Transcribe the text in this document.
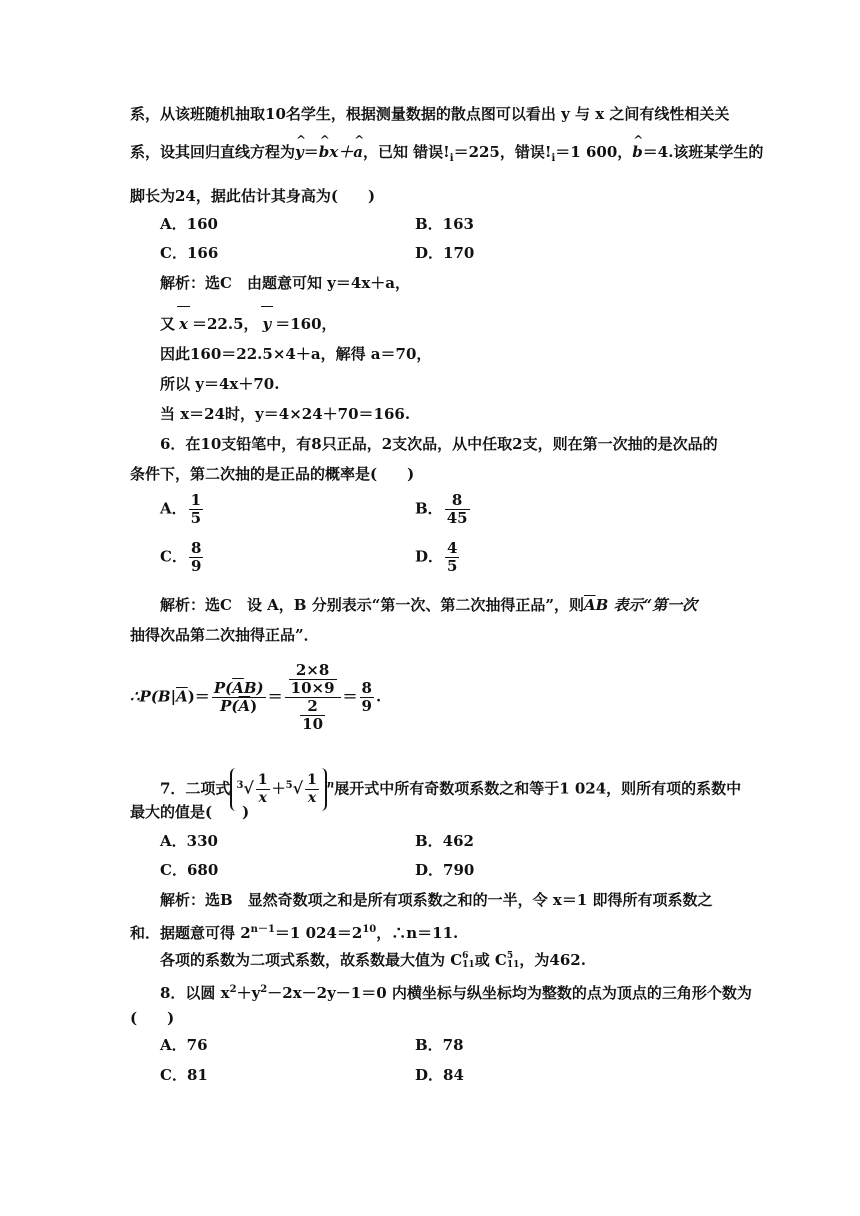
系，从该班随机抽取10名学生，根据测量数据的散点图可以看出 y 与 x 之间有线性相关关
系，设其回归直线方程为^ y＝^ bx＋^ a，已知 错误$!_i=225$，错误$!_i=1$ 600，^ b＝4.该班某学生的
脚长为24，据此估计其身高为(　　)
A．160	B．163
C．166	D．170
解析：选C　由题意可知 y＝4x＋a，
又 x ＝22.5， y ＝160，
因此160＝22.5×4＋a，解得 a＝70，
所以 y＝4x＋70.
当 x＝24时，y＝4×24＋70＝166.
6．在10支铅笔中，有8只正品，2支次品，从中任取2支，则在第一次抽的是次品的
条件下，第二次抽的是正品的概率是(　　)
A． $\frac{1}{5}$	B． $\frac{8}{45}$
C． $\frac{8}{9}$	D． $\frac{4}{5}$
解析：选C　设 A，B 分别表示“第一次、第二次抽得正品”，则$\overline{A}B$ 表示“第一次
抽得次品第二次抽得正品”．
$\therefore P(B|\overline{A})= \frac{P(\overline{A}B)}{P(\overline{A})} = \frac{\frac{2\times 8}{10\times 9}}{\frac{2}{10}} = \frac{8}{9}$ .
7．二项式 $^3√ \frac{1}{x} +^5√ \frac{1}{x} ^n$展开式中所有奇数项系数之和等于1 024，则所有项的系数中
最大的值是(　　)
A．330	B．462
C．680	D．790
解析：选B　显然奇数项之和是所有项系数之和的一半，令 x＝1 即得所有项系数之
和．据题意可得 $2^{n-1}=1$ $024=2^{10}$，∴n＝11.
各项的系数为二项式系数，故系数最大值为 C 6
11 或 C 5
11 ，为462.
8．以圆 $x^2+y^2-2x-2y-1=0$ 内横坐标与纵坐标均为整数的点为顶点的三角形个数为
(　　)
A．76	B．78
C．81	D．84
